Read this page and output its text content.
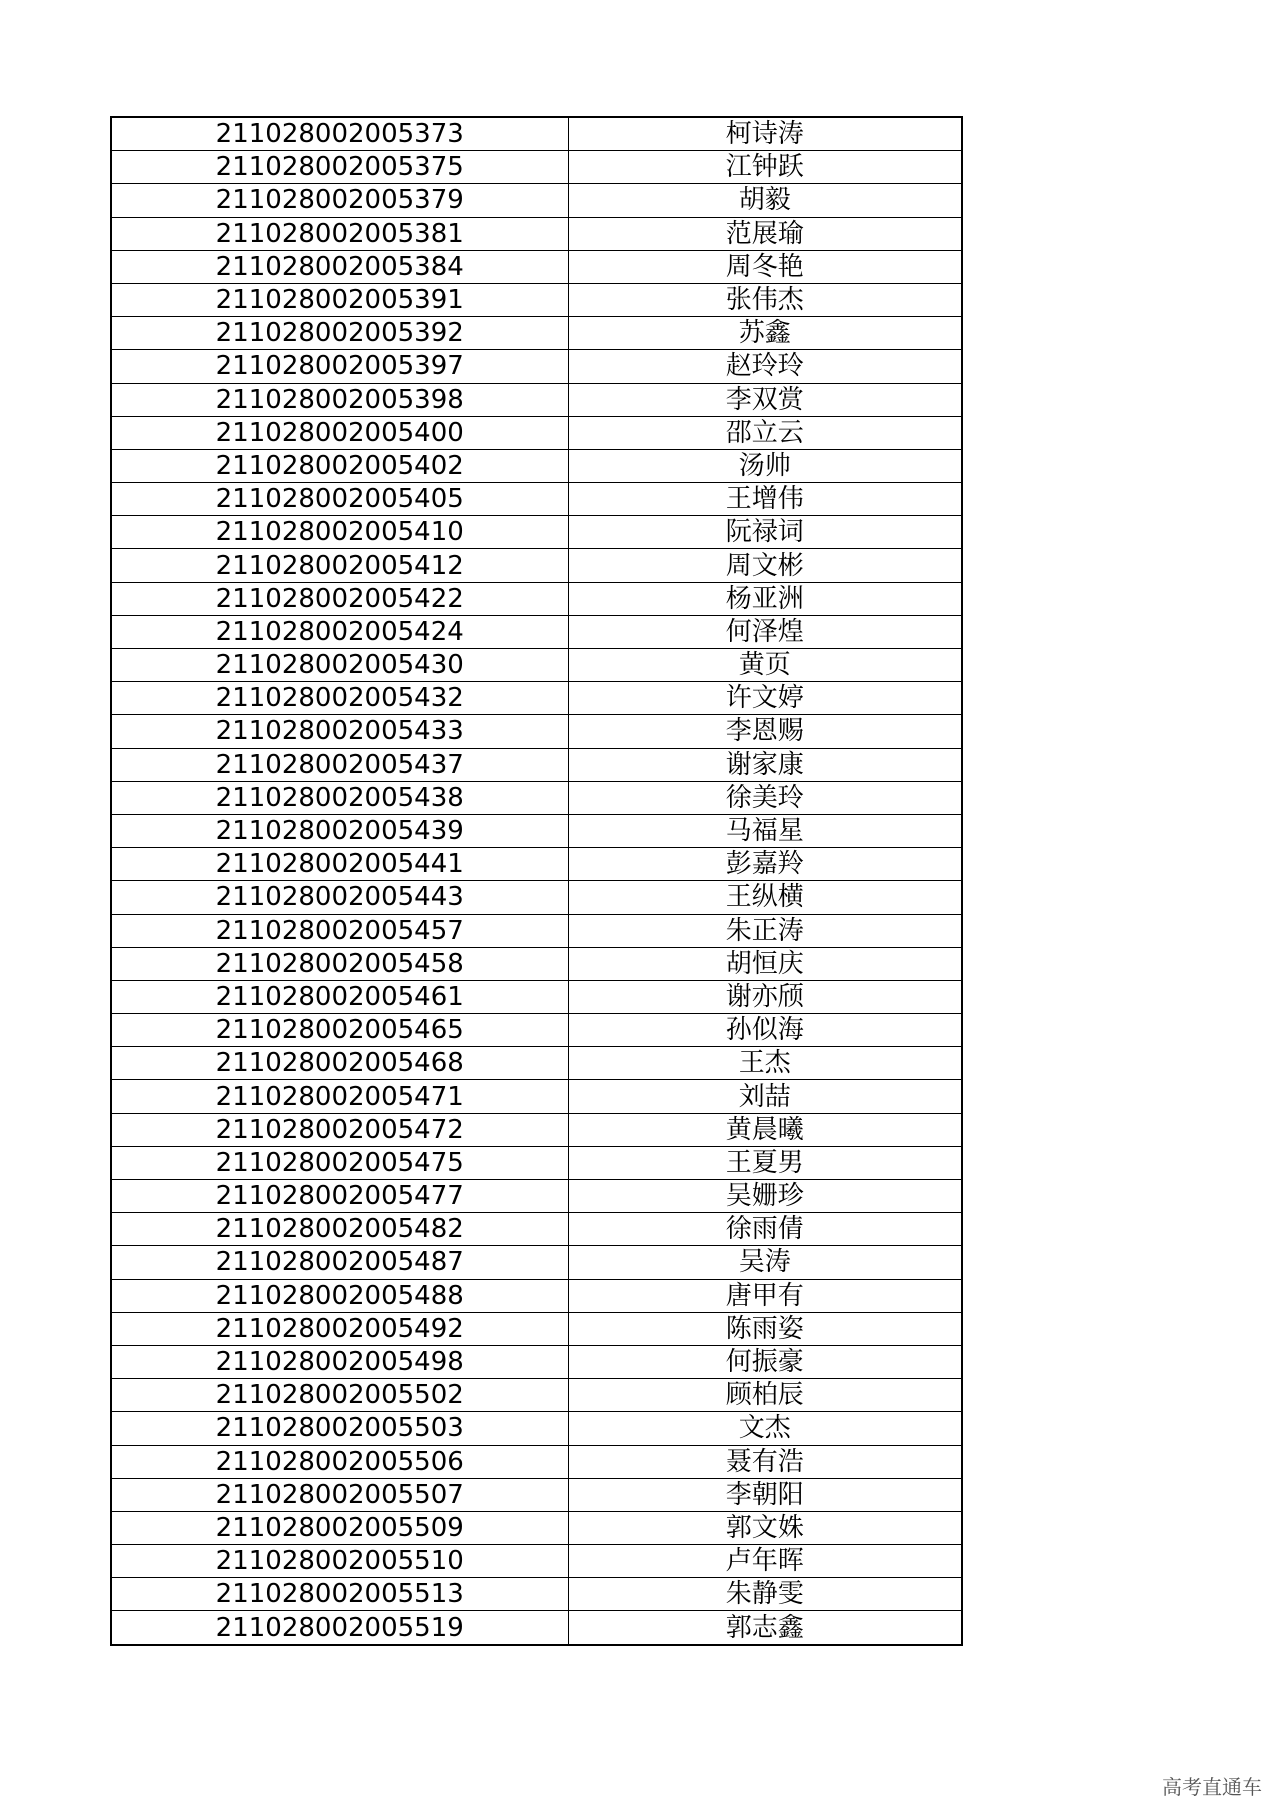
211028002005373	柯诗涛
211028002005375	江钟跃
211028002005379	胡毅
211028002005381	范展瑜
211028002005384	周冬艳
211028002005391	张伟杰
211028002005392	苏鑫
211028002005397	赵玲玲
211028002005398	李双赏
211028002005400	邵立云
211028002005402	汤帅
211028002005405	王增伟
211028002005410	阮禄词
211028002005412	周文彬
211028002005422	杨亚洲
211028002005424	何泽煌
211028002005430	黄页
211028002005432	许文婷
211028002005433	李恩赐
211028002005437	谢家康
211028002005438	徐美玲
211028002005439	马福星
211028002005441	彭嘉羚
211028002005443	王纵横
211028002005457	朱正涛
211028002005458	胡恒庆
211028002005461	谢亦颀
211028002005465	孙似海
211028002005468	王杰
211028002005471	刘喆
211028002005472	黄晨曦
211028002005475	王夏男
211028002005477	吴姗珍
211028002005482	徐雨倩
211028002005487	吴涛
211028002005488	唐甲有
211028002005492	陈雨姿
211028002005498	何振豪
211028002005502	顾柏辰
211028002005503	文杰
211028002005506	聂有浩
211028002005507	李朝阳
211028002005509	郭文姝
211028002005510	卢年晖
211028002005513	朱静雯
211028002005519	郭志鑫
高考直通车
